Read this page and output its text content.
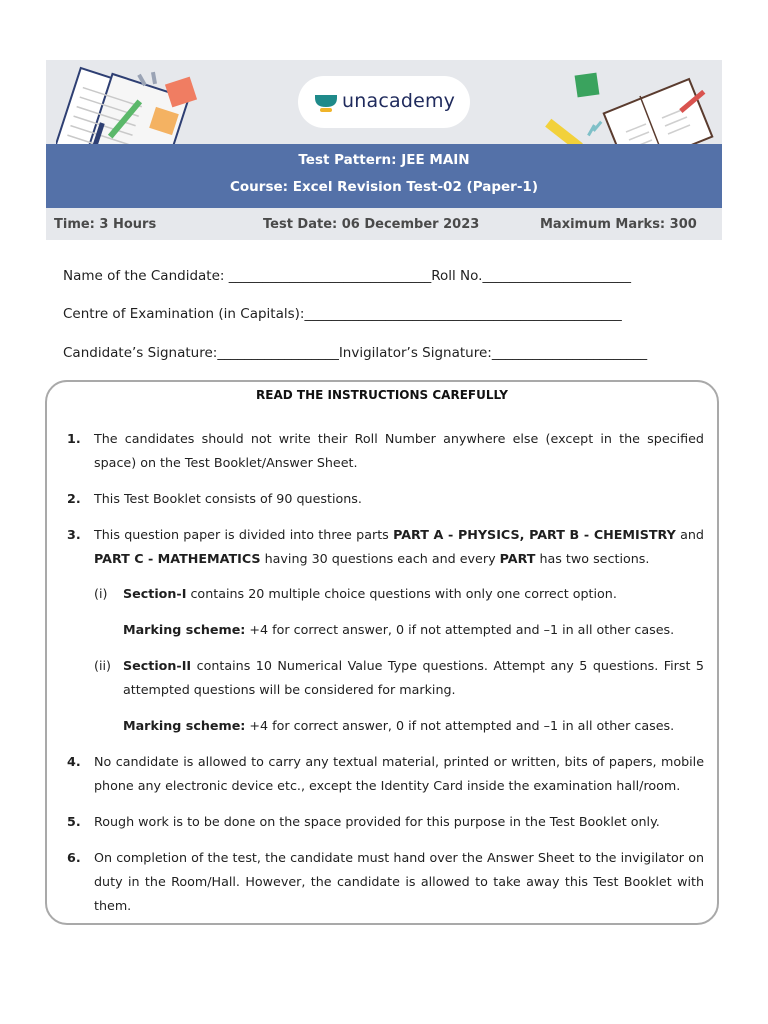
unacademy
Test Pattern: JEE MAIN
Course: Excel Revision Test-02 (Paper-1)
Time: 3 Hours	Test Date: 06 December 2023	Maximum Marks: 300
Name of the Candidate: ______________________________Roll No.______________________
Centre of Examination (in Capitals):_______________________________________________
Candidate’s Signature:__________________Invigilator’s Signature:_______________________
READ THE INSTRUCTIONS CAREFULLY
1. The candidates should not write their Roll Number anywhere else (except in the specified space) on the Test Booklet/Answer Sheet.
2. This Test Booklet consists of 90 questions.
3. This question paper is divided into three parts PART A - PHYSICS, PART B - CHEMISTRY and PART C - MATHEMATICS having 30 questions each and every PART has two sections.
(i) Section-I contains 20 multiple choice questions with only one correct option.
Marking scheme: +4 for correct answer, 0 if not attempted and –1 in all other cases.
(ii) Section-II contains 10 Numerical Value Type questions. Attempt any 5 questions. First 5 attempted questions will be considered for marking.
Marking scheme: +4 for correct answer, 0 if not attempted and –1 in all other cases.
4. No candidate is allowed to carry any textual material, printed or written, bits of papers, mobile phone any electronic device etc., except the Identity Card inside the examination hall/room.
5. Rough work is to be done on the space provided for this purpose in the Test Booklet only.
6. On completion of the test, the candidate must hand over the Answer Sheet to the invigilator on duty in the Room/Hall. However, the candidate is allowed to take away this Test Booklet with them.
